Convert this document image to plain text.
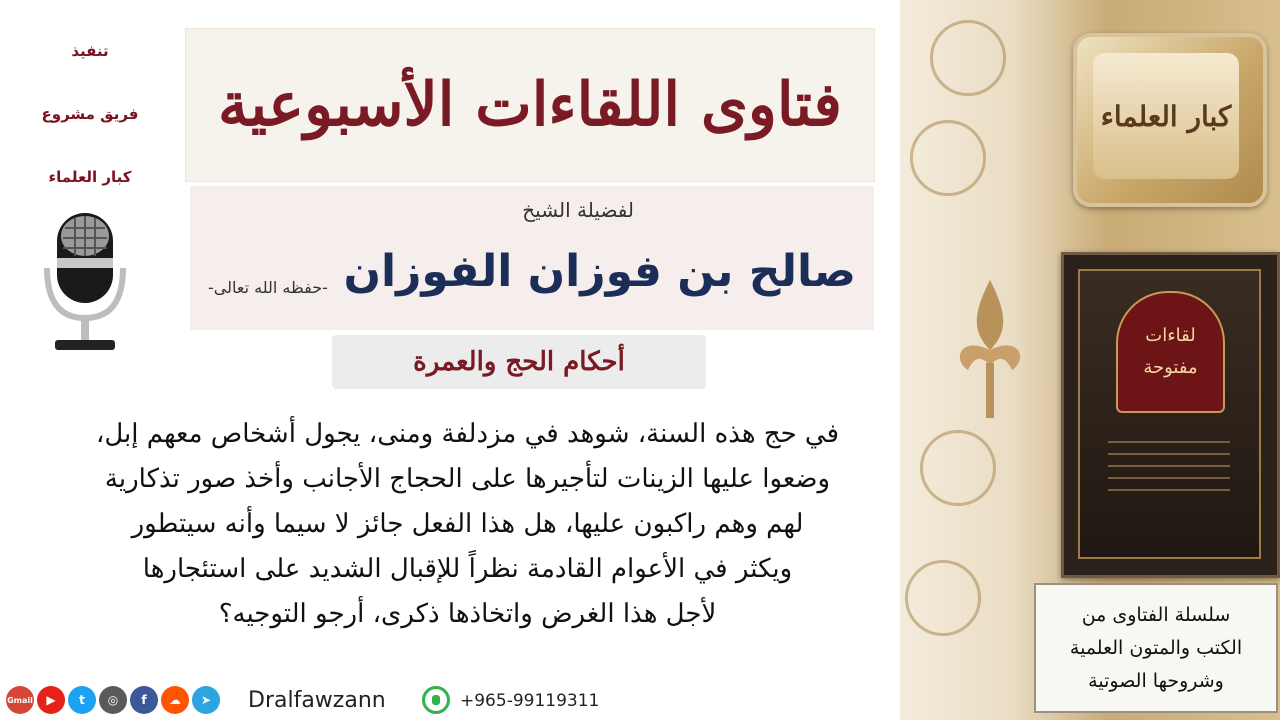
تنفيذ
فريق مشروع
كبار العلماء
فتاوى اللقاءات الأسبوعية
لفضيلة الشيخ
صالح بن فوزان الفوزان
-حفظه الله تعالى-
أحكام الحج والعمرة
في حج هذه السنة، شوهد في مزدلفة ومنى، يجول أشخاص معهم إبل،
وضعوا عليها الزينات لتأجيرها على الحجاج الأجانب وأخذ صور تذكارية
لهم وهم راكبون عليها، هل هذا الفعل جائز لا سيما وأنه سيتطور
ويكثر في الأعوام القادمة نظراً للإقبال الشديد على استئجارها
لأجل هذا الغرض واتخاذها ذكرى، أرجو التوجيه؟
كبار العلماء
لقاءات
مفتوحة
سلسلة الفتاوى من
الكتب والمتون العلمية
وشروحها الصوتية
Gmail	▶	t	◎	f	☁	➤	Dralfawzann	+965-99119311
